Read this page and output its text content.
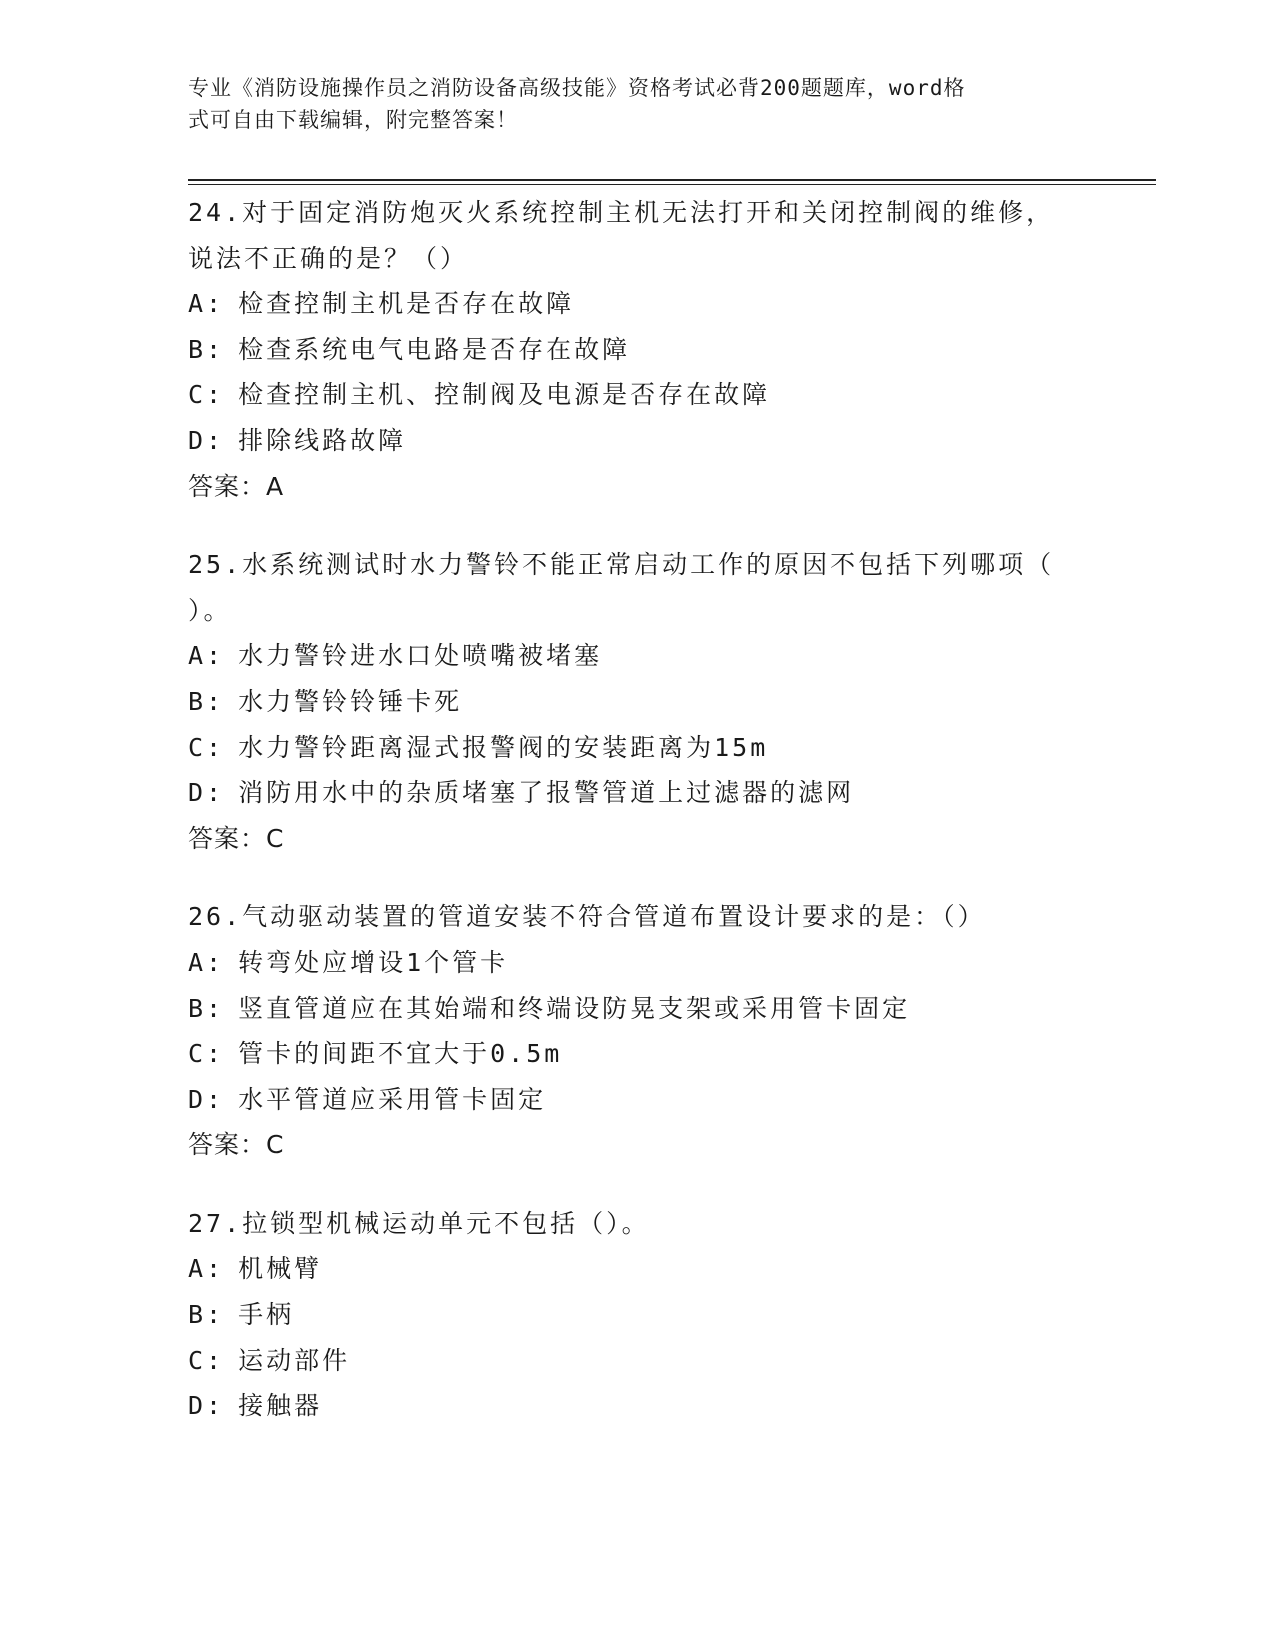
专业《消防设施操作员之消防设备高级技能》资格考试必背200题题库，word格
式可自由下载编辑，附完整答案！
24.对于固定消防炮灭火系统控制主机无法打开和关闭控制阀的维修，
说法不正确的是？（）
A: 检查控制主机是否存在故障
B: 检查系统电气电路是否存在故障
C: 检查控制主机、控制阀及电源是否存在故障
D: 排除线路故障
答案：A
25.水系统测试时水力警铃不能正常启动工作的原因不包括下列哪项（
）。
A: 水力警铃进水口处喷嘴被堵塞
B: 水力警铃铃锤卡死
C: 水力警铃距离湿式报警阀的安装距离为15m
D: 消防用水中的杂质堵塞了报警管道上过滤器的滤网
答案：C
26.气动驱动装置的管道安装不符合管道布置设计要求的是：（）
A: 转弯处应增设1个管卡
B: 竖直管道应在其始端和终端设防晃支架或采用管卡固定
C: 管卡的间距不宜大于0.5m
D: 水平管道应采用管卡固定
答案：C
27.拉锁型机械运动单元不包括（）。
A: 机械臂
B: 手柄
C: 运动部件
D: 接触器
